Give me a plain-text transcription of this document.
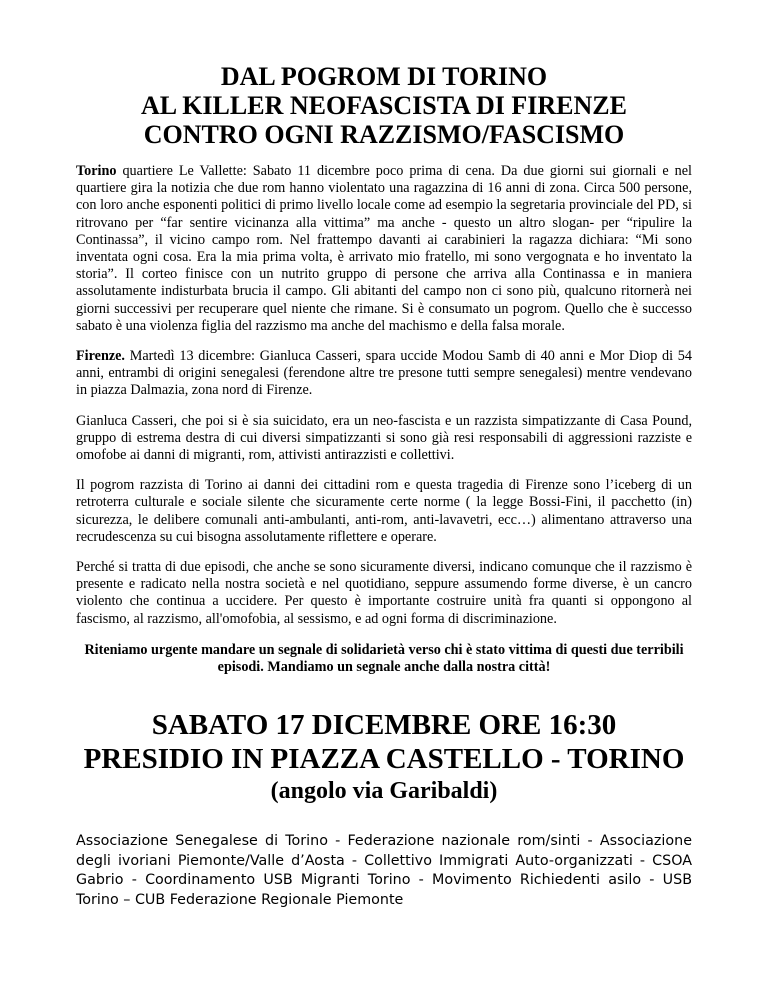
DAL POGROM DI TORINO
AL KILLER NEOFASCISTA DI FIRENZE
CONTRO OGNI RAZZISMO/FASCISMO

Torino quartiere Le Vallette: Sabato 11 dicembre poco prima di cena. Da due giorni sui giornali e nel quartiere gira la notizia che due rom hanno violentato una ragazzina di 16 anni di zona. Circa 500 persone, con loro anche esponenti politici di primo livello locale come ad esempio la segretaria provinciale del PD, si ritrovano per “far sentire vicinanza alla vittima” ma anche - questo un altro slogan- per “ripulire la Continassa”, il vicino campo rom. Nel frattempo davanti ai carabinieri la ragazza dichiara: “Mi sono inventata ogni cosa. Era la mia prima volta, è arrivato mio fratello, mi sono vergognata e ho inventato la storia”. Il corteo finisce con un nutrito gruppo di persone che arriva alla Continassa e in maniera assolutamente indisturbata brucia il campo. Gli abitanti del campo non ci sono più, qualcuno ritornerà nei giorni successivi per recuperare quel niente che rimane. Si è consumato un pogrom. Quello che è successo sabato è una violenza figlia del razzismo ma anche del machismo e della falsa morale.

Firenze. Martedì 13 dicembre: Gianluca Casseri, spara uccide Modou Samb di 40 anni e Mor Diop di 54 anni, entrambi di origini senegalesi (ferendone altre tre presone tutti sempre senegalesi) mentre vendevano in piazza Dalmazia, zona nord di Firenze.

Gianluca Casseri, che poi si è sia suicidato, era un neo-fascista e un razzista simpatizzante di Casa Pound, gruppo di estrema destra di cui diversi simpatizzanti si sono già resi responsabili di aggressioni razziste e omofobe ai danni di migranti, rom, attivisti antirazzisti e collettivi.

Il pogrom razzista di Torino ai danni dei cittadini rom e questa tragedia di Firenze sono l’iceberg di un retroterra culturale e sociale silente che sicuramente certe norme ( la legge Bossi-Fini, il pacchetto (in) sicurezza, le delibere comunali anti-ambulanti, anti-rom, anti-lavavetri, ecc…) alimentano attraverso una recrudescenza su cui bisogna assolutamente riflettere e operare.

Perché si tratta di due episodi, che anche se sono sicuramente diversi, indicano comunque che il razzismo è presente e radicato nella nostra società e nel quotidiano, seppure assumendo forme diverse, è un cancro violento che continua a uccidere. Per questo è importante costruire unità fra quanti si oppongono al fascismo, al razzismo, all'omofobia, al sessismo, e ad ogni forma di discriminazione.

Riteniamo urgente mandare un segnale di solidarietà verso chi è stato vittima di questi due terribili episodi. Mandiamo un segnale anche dalla nostra città!

SABATO 17 DICEMBRE ORE 16:30
PRESIDIO IN PIAZZA CASTELLO - TORINO
(angolo via Garibaldi)

Associazione Senegalese di Torino - Federazione nazionale rom/sinti - Associazione degli ivoriani Piemonte/Valle d’Aosta - Collettivo Immigrati Auto-organizzati - CSOA Gabrio - Coordinamento USB Migranti Torino - Movimento Richiedenti asilo - USB Torino – CUB Federazione Regionale Piemonte
